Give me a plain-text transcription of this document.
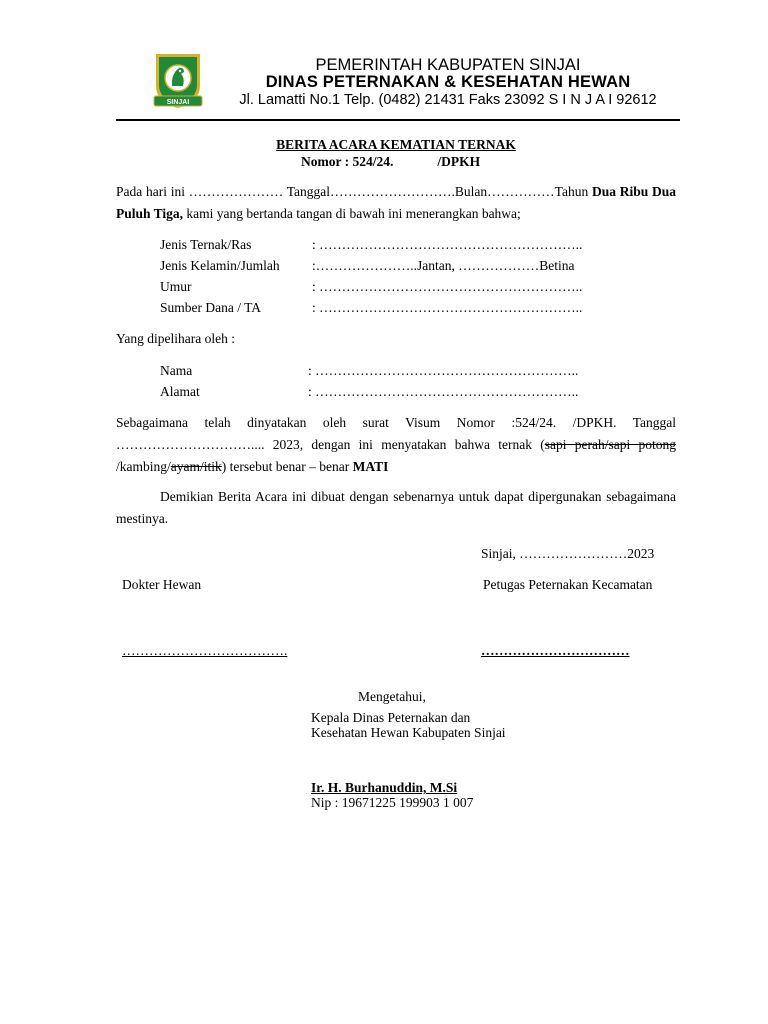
SINJAI
PEMERINTAH KABUPATEN SINJAI
DINAS PETERNAKAN & KESEHATAN HEWAN
Jl. Lamatti No.1 Telp. (0482) 21431 Faks 23092 S I N J A I 92612
BERITA ACARA KEMATIAN TERNAK
Nomor : 524/24.	/DPKH
Pada hari ini ………………… Tanggal……………………….Bulan……………Tahun Dua Ribu Dua Puluh Tiga, kami yang bertanda tangan di bawah ini menerangkan bahwa;
Jenis Ternak/Ras	: …………………………………………………..
Jenis Kelamin/Jumlah :…………………..Jantan, ………………Betina
Umur	: …………………………………………………..
Sumber Dana / TA	: …………………………………………………..
Yang dipelihara oleh :
Nama	: …………………………………………………..
Alamat	: …………………………………………………..
Sebagaimana telah dinyatakan oleh surat Visum Nomor :524/24. /DPKH. Tanggal ………………………….... 2023, dengan ini menyatakan bahwa ternak (sapi perah/sapi potong /kambing/ayam/itik) tersebut benar – benar MATI
Demikian Berita Acara ini dibuat dengan sebenarnya untuk dapat dipergunakan sebagaimana mestinya.
Sinjai, ……………………2023
Dokter Hewan	Petugas Peternakan Kecamatan
……………………………….	……………………………
Mengetahui,
Kepala Dinas Peternakan dan
Kesehatan Hewan Kabupaten Sinjai
Ir. H. Burhanuddin, M.Si
Nip : 19671225 199903 1 007
